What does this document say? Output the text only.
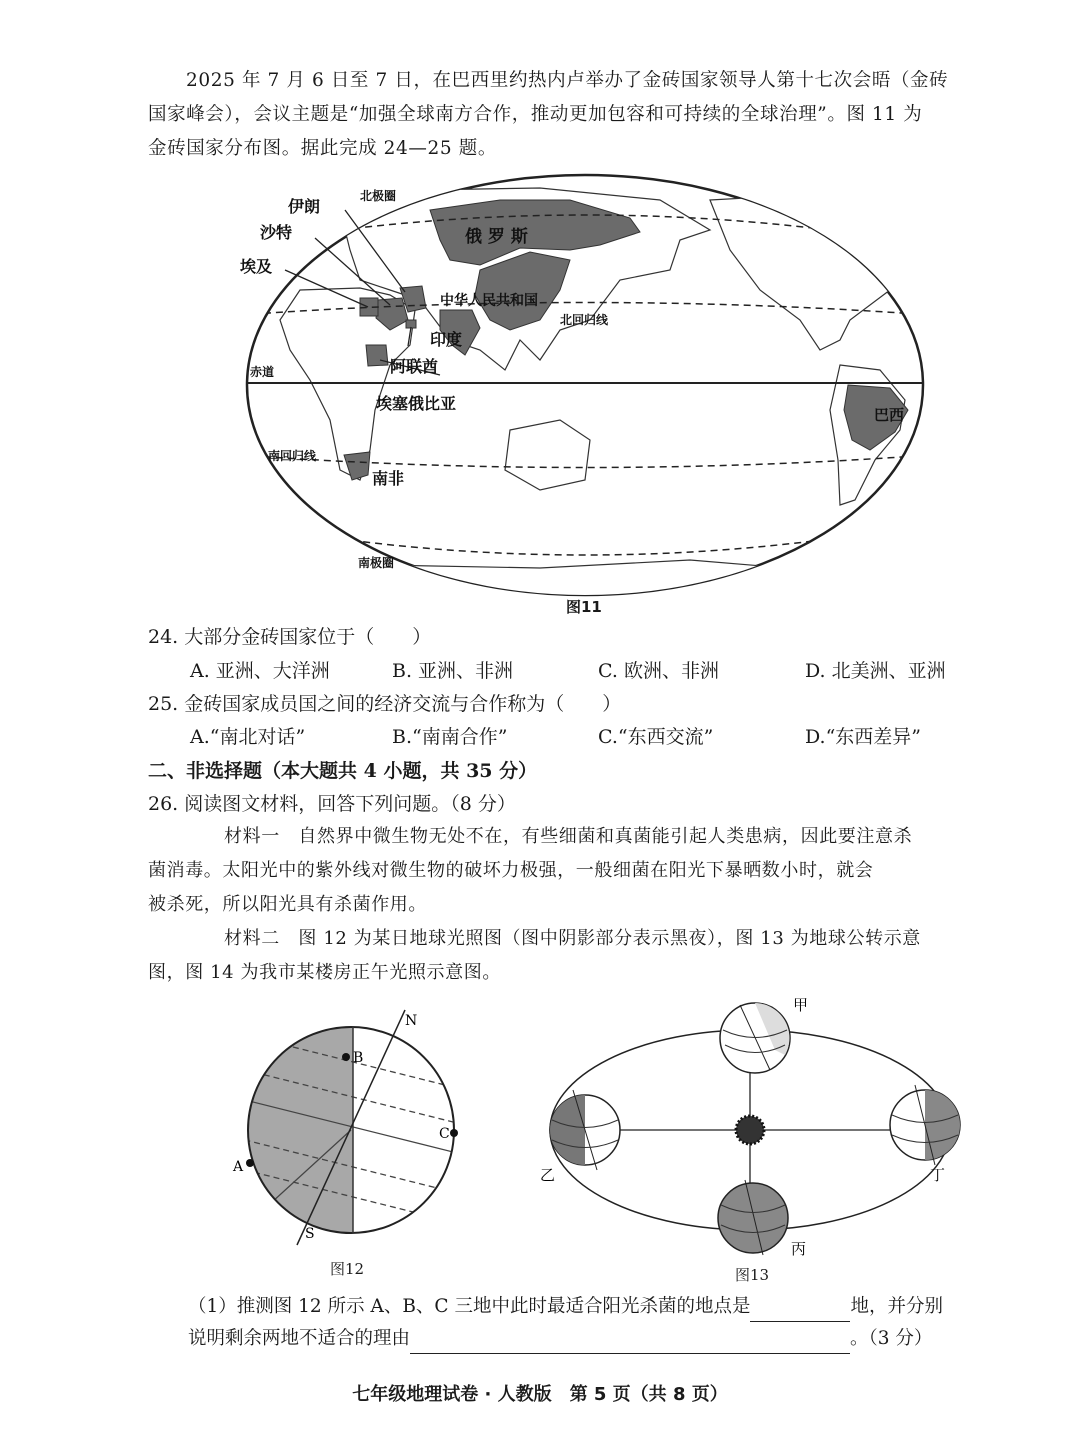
2025 年 7 月 6 日至 7 日，在巴西里约热内卢举办了金砖国家领导人第十七次会晤（金砖
国家峰会），会议主题是“加强全球南方合作，推动更加包容和可持续的全球治理”。图 11 为
金砖国家分布图。据此完成 24—25 题。
北极圈
伊朗
沙特
埃及
俄 罗 斯
中华人民共和国
北回归线
印度
阿联酋
赤道
埃塞俄比亚
巴西
南回归线
南非
南极圈
图11
24. 大部分金砖国家位于（　　）
A. 亚洲、大洋洲	B. 亚洲、非洲	C. 欧洲、非洲	D. 北美洲、亚洲
25. 金砖国家成员国之间的经济交流与合作称为（　　）
A.“南北对话”	B.“南南合作”	C.“东西交流”	D.“东西差异”
二、非选择题（本大题共 4 小题，共 35 分）
26. 阅读图文材料，回答下列问题。（8 分）
材料一　自然界中微生物无处不在，有些细菌和真菌能引起人类患病，因此要注意杀
菌消毒。太阳光中的紫外线对微生物的破坏力极强，一般细菌在阳光下暴晒数小时，就会
被杀死，所以阳光具有杀菌作用。
材料二　图 12 为某日地球光照图（图中阴影部分表示黑夜），图 13 为地球公转示意
图，图 14 为我市某楼房正午光照示意图。
N
B
C
A
S
图12
甲
乙	丁
丙
图13
（1）推测图 12 所示 A、B、C 三地中此时最适合阳光杀菌的地点是	地，并分别
说明剩余两地不适合的理由	。（3 分）
七年级地理试卷 · 人教版　第 5 页（共 8 页）
